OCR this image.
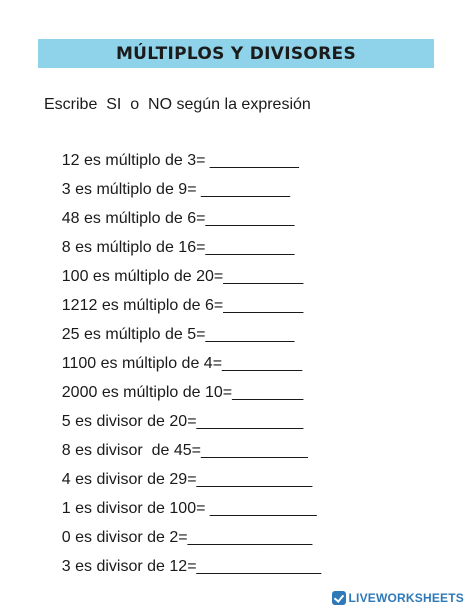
MÚLTIPLOS Y DIVISORES
Escribe  SI  o  NO según la expresión

12 es múltiplo de 3= __________

3 es múltiplo de 9= __________

48 es múltiplo de 6=__________

8 es múltiplo de 16=__________

100 es múltiplo de 20=_________

1212 es múltiplo de 6=_________

25 es múltiplo de 5=__________

1100 es múltiplo de 4=_________

2000 es múltiplo de 10=________

5 es divisor de 20=____________

8 es divisor  de 45=____________

4 es divisor de 29=_____________

1 es divisor de 100= ____________

0 es divisor de 2=______________

3 es divisor de 12=______________

LIVEWORKSHEETS
